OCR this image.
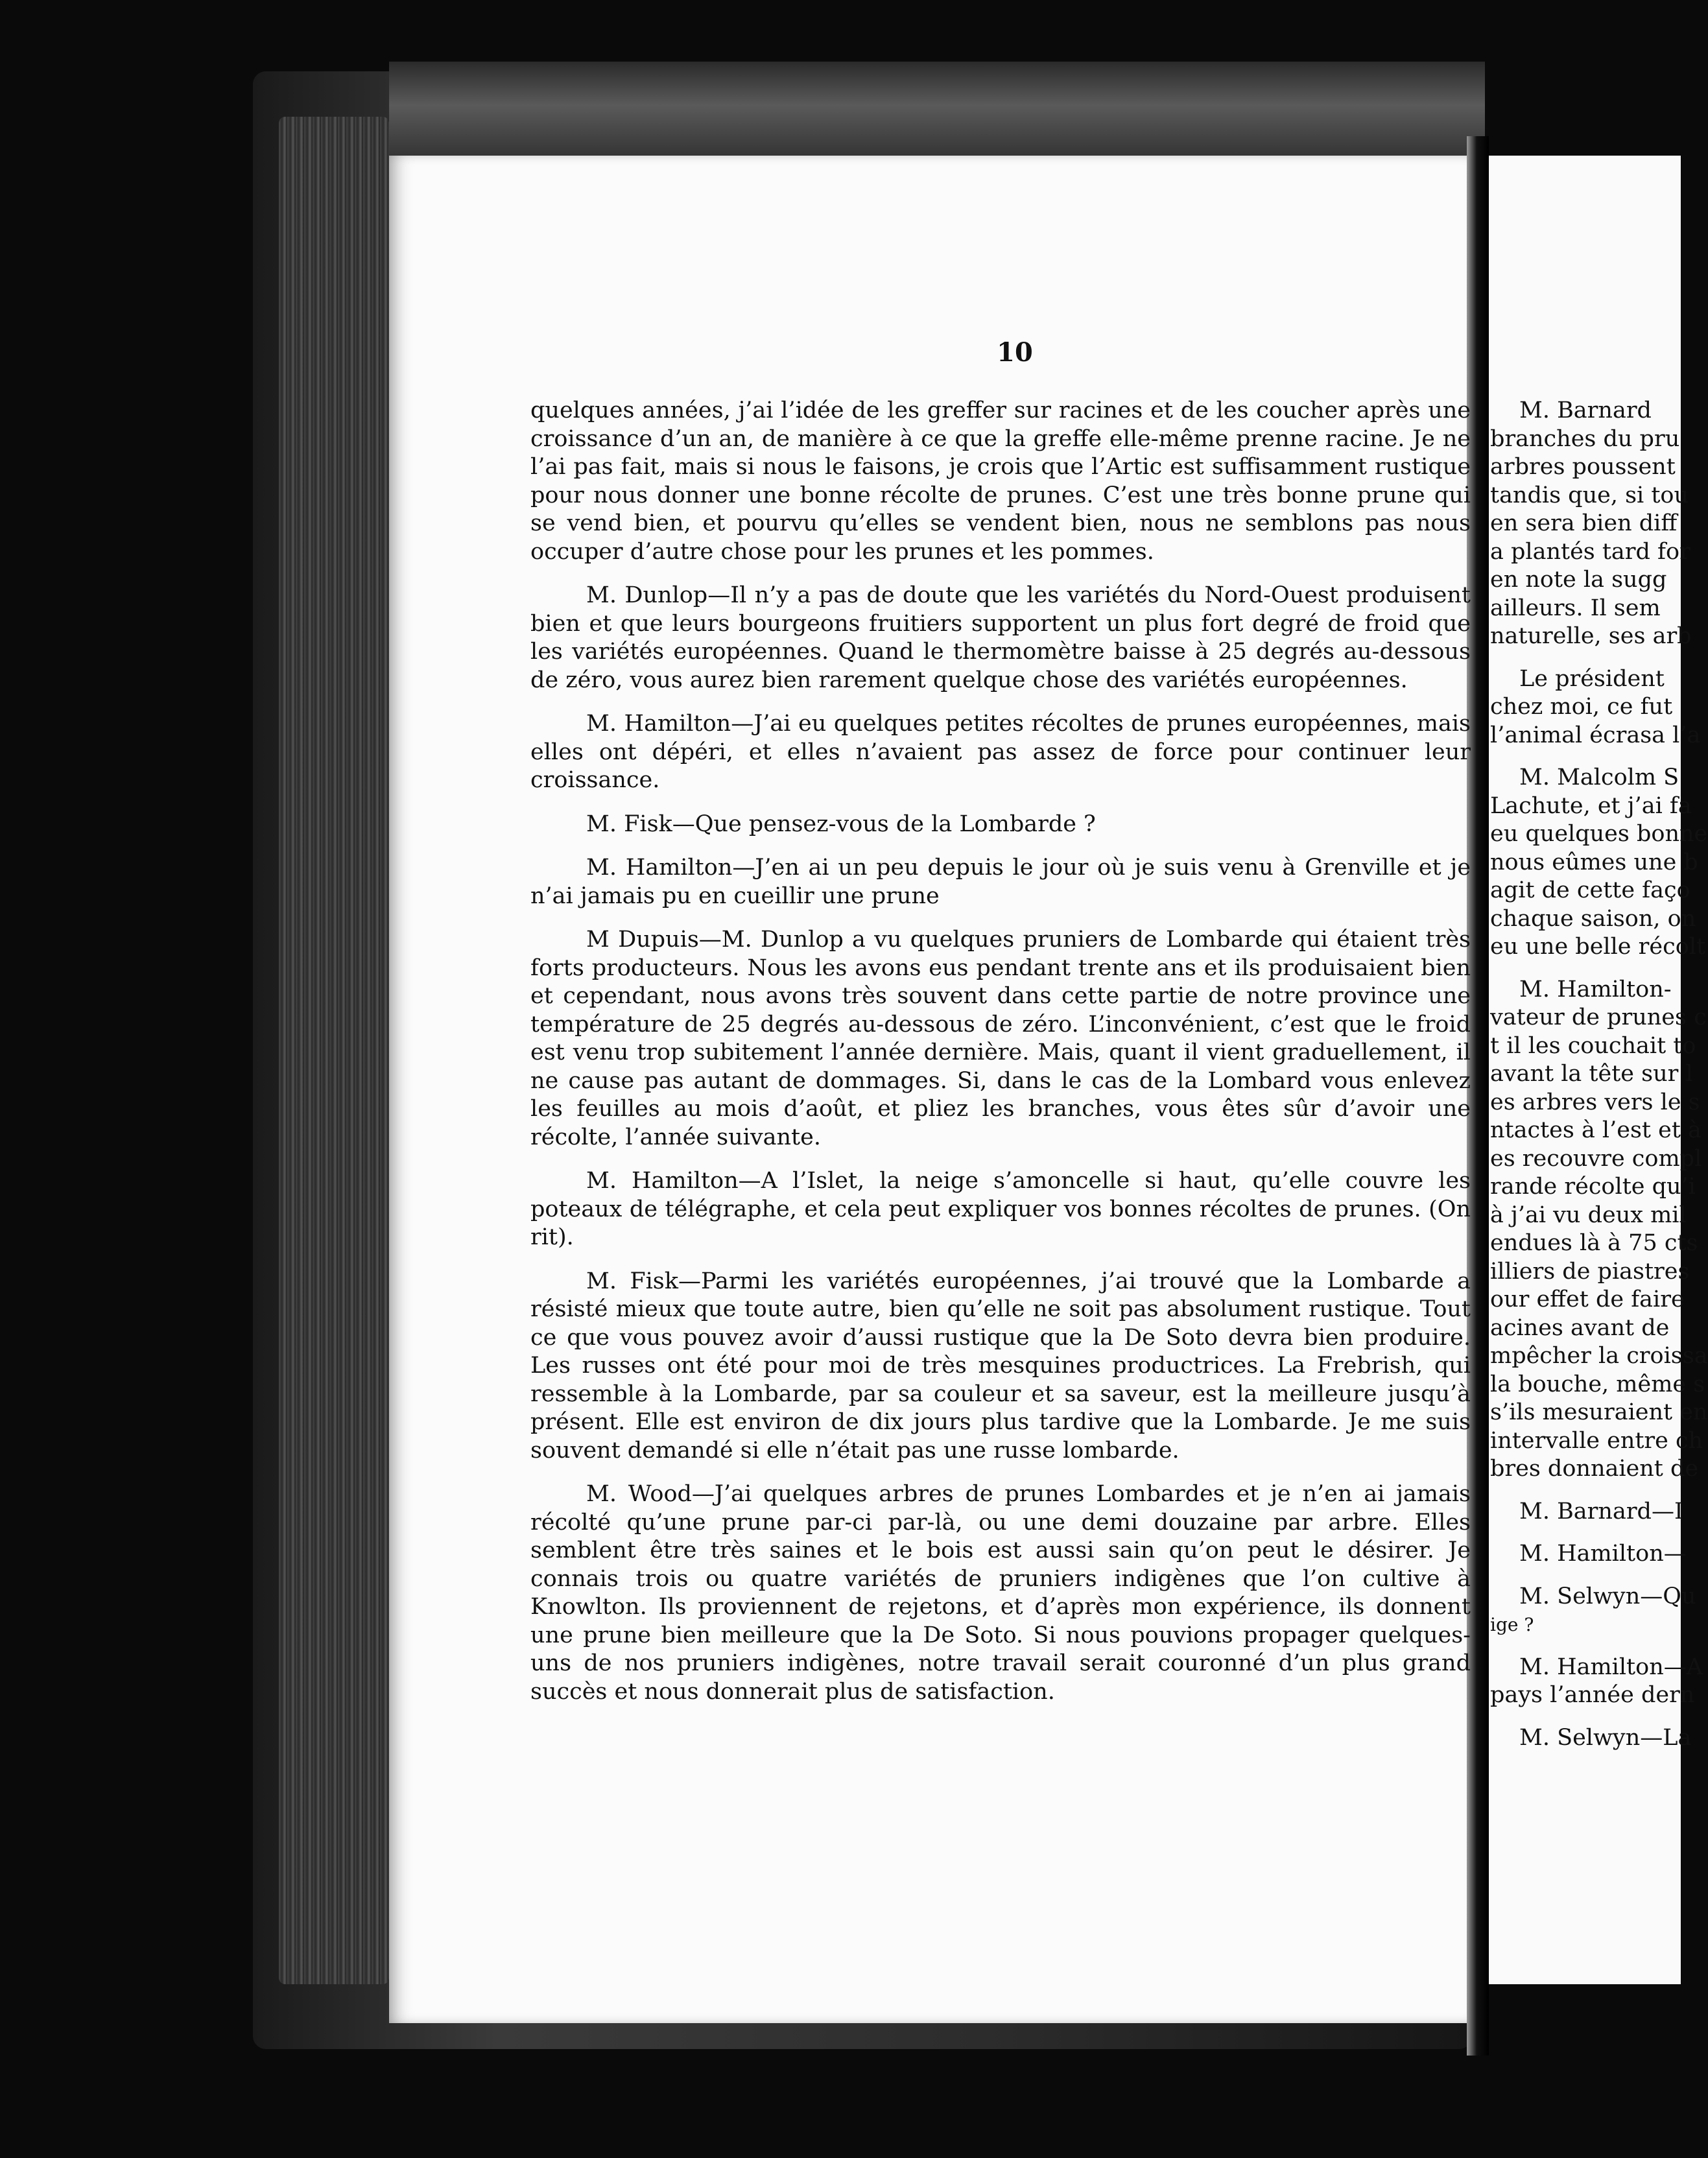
10

quelques années, j’ai l’idée de les greffer sur racines et de les coucher après une croissance d’un an, de manière à ce que la greffe elle-même prenne racine. Je ne l’ai pas fait, mais si nous le faisons, je crois que l’Artic est suffisamment rustique pour nous donner une bonne récolte de prunes. C’est une très bonne prune qui se vend bien, et pourvu qu’elles se vendent bien, nous ne semblons pas nous occuper d’autre chose pour les prunes et les pommes.

M. Dunlop—Il n’y a pas de doute que les variétés du Nord-Ouest produisent bien et que leurs bourgeons fruitiers supportent un plus fort degré de froid que les variétés européennes. Quand le thermomètre baisse à 25 degrés au-dessous de zéro, vous aurez bien rarement quelque chose des variétés européennes.

M. Hamilton—J’ai eu quelques petites récoltes de prunes européennes, mais elles ont dépéri, et elles n’avaient pas assez de force pour continuer leur croissance.

M. Fisk—Que pensez-vous de la Lombarde ?

M. Hamilton—J’en ai un peu depuis le jour où je suis venu à Grenville et je n’ai jamais pu en cueillir une prune

M Dupuis—M. Dunlop a vu quelques pruniers de Lombarde qui étaient très forts producteurs. Nous les avons eus pendant trente ans et ils produisaient bien et cependant, nous avons très souvent dans cette partie de notre province une température de 25 degrés au-dessous de zéro. L’inconvénient, c’est que le froid est venu trop subitement l’année dernière. Mais, quant il vient graduellement, il ne cause pas autant de dommages. Si, dans le cas de la Lombard vous enlevez les feuilles au mois d’août, et pliez les branches, vous êtes sûr d’avoir une récolte, l’année suivante.

M. Hamilton—A l’Islet, la neige s’amoncelle si haut, qu’elle couvre les poteaux de télégraphe, et cela peut expliquer vos bonnes récoltes de prunes. (On rit).

M. Fisk—Parmi les variétés européennes, j’ai trouvé que la Lombarde a résisté mieux que toute autre, bien qu’elle ne soit pas absolument rustique. Tout ce que vous pouvez avoir d’aussi rustique que la De Soto devra bien produire. Les russes ont été pour moi de très mesquines productrices. La Frebrish, qui ressemble à la Lombarde, par sa couleur et sa saveur, est la meilleure jusqu’à présent. Elle est environ de dix jours plus tardive que la Lombarde. Je me suis souvent demandé si elle n’était pas une russe lombarde.

M. Wood—J’ai quelques arbres de prunes Lombardes et je n’en ai jamais récolté qu’une prune par-ci par-là, ou une demi douzaine par arbre. Elles semblent être très saines et le bois est aussi sain qu’on peut le désirer. Je connais trois ou quatre variétés de pruniers indigènes que l’on cultive à Knowlton. Ils proviennent de rejetons, et d’après mon expérience, ils donnent une prune bien meilleure que la De Soto. Si nous pouvions propager quelques-uns de nos pruniers indigènes, notre travail serait couronné d’un plus grand succès et nous donnerait plus de satisfaction.

M. Barnard
branches du pru
arbres poussent
tandis que, si tou
en sera bien diff
a plantés tard for
en note la sugg
ailleurs. Il sem
naturelle, ses arb
Le président
chez moi, ce fut
l’animal écrasa l’a
M. Malcolm S
Lachute, et j’ai fa
eu quelques bonne
nous eûmes une b
agit de cette faço
chaque saison, on
eu une belle récolt
M. Hamilton-
vateur de prunes c
t il les couchait to
avant la tête sur l
es arbres vers le s
ntactes à l’est et à
es recouvre compl
rande récolte qu’i
à j’ai vu deux mil
endues là à 75 cts
illiers de piastres
our effet de faire
acines avant de
mpêcher la croissa
la bouche, même s
s’ils mesuraient en
intervalle entre ch
bres donnaient de
M. Barnard—I
M. Hamilton—
M. Selwyn—Qu
ige ?
M. Hamilton—A
pays l’année dern
M. Selwyn—La
